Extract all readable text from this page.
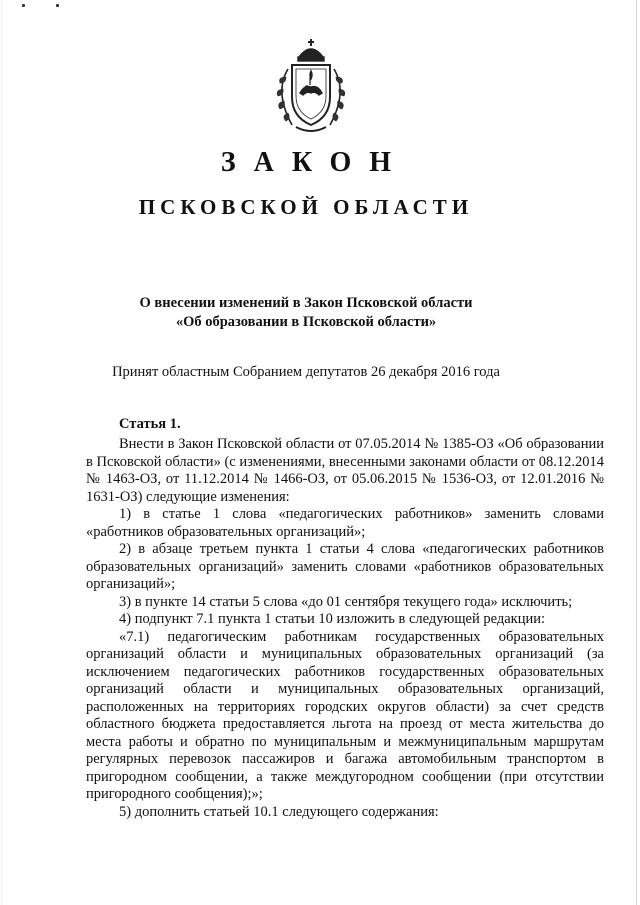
ЗАКОН
ПСКОВСКОЙ ОБЛАСТИ
О внесении изменений в Закон Псковской области
«Об образовании в Псковской области»
Принят областным Собранием депутатов 26 декабря 2016 года
Статья 1.

Внести в Закон Псковской области от 07.05.2014 № 1385-ОЗ «Об образовании в Псковской области» (с изменениями, внесенными законами области от 08.12.2014 № 1463-ОЗ, от 11.12.2014 № 1466-ОЗ, от 05.06.2015 № 1536-ОЗ, от 12.01.2016 № 1631-ОЗ) следующие изменения:

1) в статье 1 слова «педагогических работников» заменить словами «работников образовательных организаций»;

2) в абзаце третьем пункта 1 статьи 4 слова «педагогических работников образовательных организаций» заменить словами «работников образовательных организаций»;

3) в пункте 14 статьи 5 слова «до 01 сентября текущего года» исключить;

4) подпункт 7.1 пункта 1 статьи 10 изложить в следующей редакции:

«7.1) педагогическим работникам государственных образовательных организаций области и муниципальных образовательных организаций (за исключением педагогических работников государственных образовательных организаций области и муниципальных образовательных организаций, расположенных на территориях городских округов области) за счет средств областного бюджета предоставляется льгота на проезд от места жительства до места работы и обратно по муниципальным и межмуниципальным маршрутам регулярных перевозок пассажиров и багажа автомобильным транспортом в пригородном сообщении, а также междугородном сообщении (при отсутствии пригородного сообщения);»;

5) дополнить статьей 10.1 следующего содержания:
